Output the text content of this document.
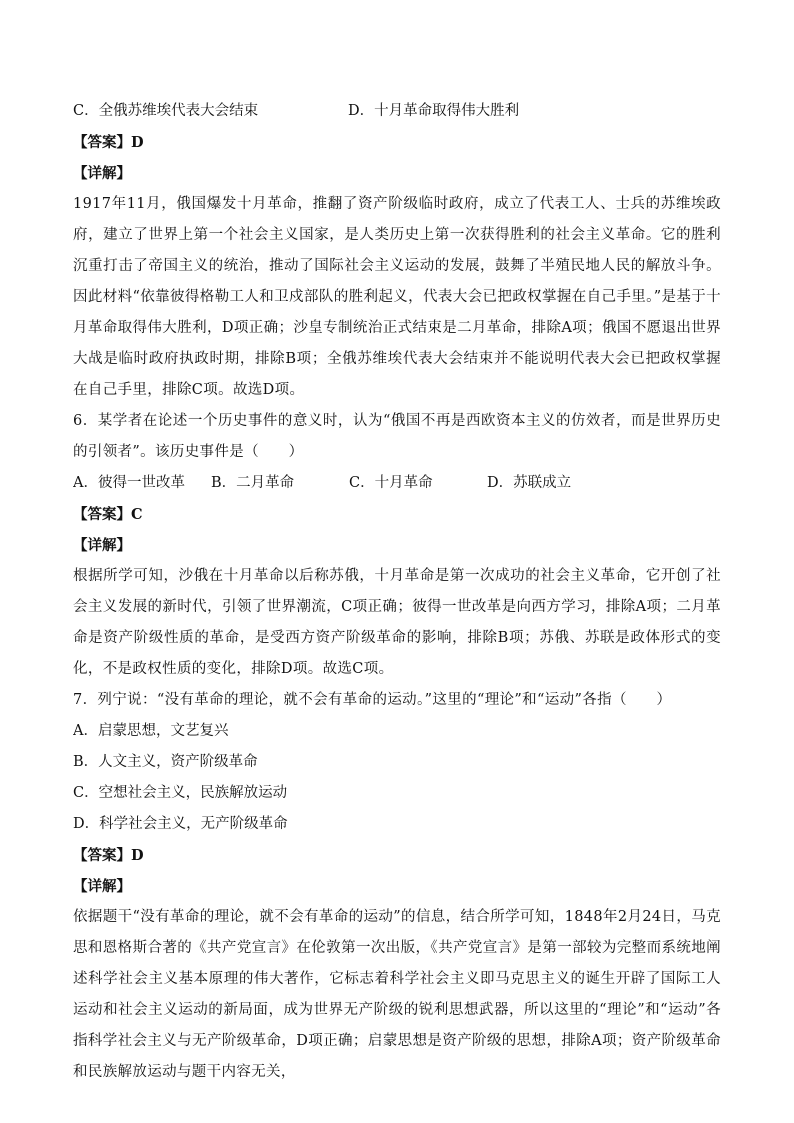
C．全俄苏维埃代表大会结束	D．十月革命取得伟大胜利
【答案】D
【详解】
1917年11月，俄国爆发十月革命，推翻了资产阶级临时政府，成立了代表工人、士兵的苏维埃政府，建立了世界上第一个社会主义国家，是人类历史上第一次获得胜利的社会主义革命。它的胜利沉重打击了帝国主义的统治，推动了国际社会主义运动的发展，鼓舞了半殖民地人民的解放斗争。因此材料“依靠彼得格勒工人和卫戍部队的胜利起义，代表大会已把政权掌握在自己手里。”是基于十月革命取得伟大胜利，D项正确；沙皇专制统治正式结束是二月革命，排除A项；俄国不愿退出世界大战是临时政府执政时期，排除B项；全俄苏维埃代表大会结束并不能说明代表大会已把政权掌握在自己手里，排除C项。故选D项。
6．某学者在论述一个历史事件的意义时，认为“俄国不再是西欧资本主义的仿效者，而是世界历史的引领者”。该历史事件是（　　）
A．彼得一世改革	B．二月革命	C．十月革命	D．苏联成立
【答案】C
【详解】
根据所学可知，沙俄在十月革命以后称苏俄，十月革命是第一次成功的社会主义革命，它开创了社会主义发展的新时代，引领了世界潮流，C项正确；彼得一世改革是向西方学习，排除A项；二月革命是资产阶级性质的革命，是受西方资产阶级革命的影响，排除B项；苏俄、苏联是政体形式的变化，不是政权性质的变化，排除D项。故选C项。
7．列宁说：“没有革命的理论，就不会有革命的运动。”这里的“理论”和“运动”各指（　　）
A．启蒙思想，文艺复兴
B．人文主义，资产阶级革命
C．空想社会主义，民族解放运动
D．科学社会主义，无产阶级革命
【答案】D
【详解】
依据题干“没有革命的理论，就不会有革命的运动”的信息，结合所学可知，1848年2月24日，马克思和恩格斯合著的《共产党宣言》在伦敦第一次出版，《共产党宣言》是第一部较为完整而系统地阐述科学社会主义基本原理的伟大著作，它标志着科学社会主义即马克思主义的诞生开辟了国际工人运动和社会主义运动的新局面，成为世界无产阶级的锐利思想武器，所以这里的“理论”和“运动”各指科学社会主义与无产阶级革命，D项正确；启蒙思想是资产阶级的思想，排除A项；资产阶级革命和民族解放运动与题干内容无关，
